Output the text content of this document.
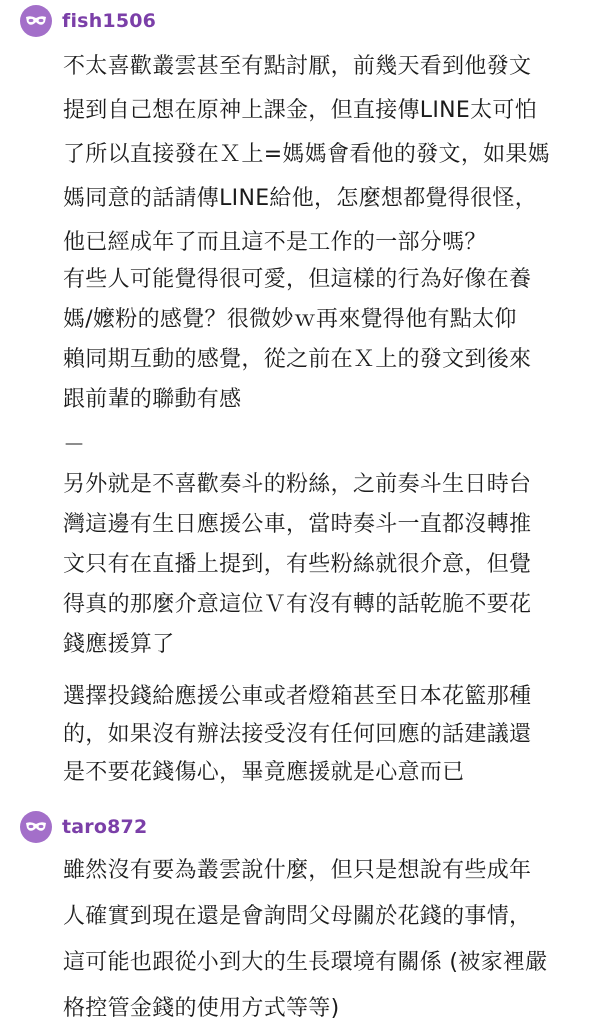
fish1506
不太喜歡叢雲甚至有點討厭，前幾天看到他發文
提到自己想在原神上課金，但直接傳LINE太可怕
了所以直接發在Ｘ上=媽媽會看他的發文，如果媽
媽同意的話請傳LINE給他，怎麼想都覺得很怪，
他已經成年了而且這不是工作的一部分嗎？
有些人可能覺得很可愛，但這樣的行為好像在養
媽/嬤粉的感覺？很微妙ｗ再來覺得他有點太仰
賴同期互動的感覺，從之前在Ｘ上的發文到後來
跟前輩的聯動有感
－
另外就是不喜歡奏斗的粉絲，之前奏斗生日時台
灣這邊有生日應援公車，當時奏斗一直都沒轉推
文只有在直播上提到，有些粉絲就很介意，但覺
得真的那麼介意這位Ｖ有沒有轉的話乾脆不要花
錢應援算了
選擇投錢給應援公車或者燈箱甚至日本花籃那種
的，如果沒有辦法接受沒有任何回應的話建議還
是不要花錢傷心，畢竟應援就是心意而已
taro872
雖然沒有要為叢雲說什麼，但只是想說有些成年
人確實到現在還是會詢問父母關於花錢的事情，
這可能也跟從小到大的生長環境有關係 (被家裡嚴
格控管金錢的使用方式等等)
